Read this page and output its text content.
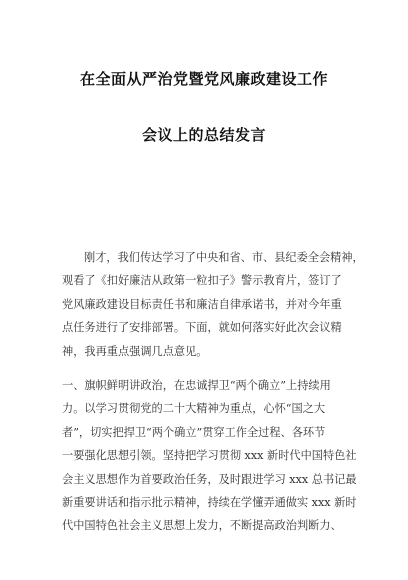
在全面从严治党暨党风廉政建设工作
会议上的总结发言
刚才，我们传达学习了中央和省、市、县纪委全会精神，
观看了《扣好廉洁从政第一粒扣子》警示教育片，签订了
党风廉政建设目标责任书和廉洁自律承诺书，并对今年重
点任务进行了安排部署。下面，就如何落实好此次会议精
神，我再重点强调几点意见。
一、旗帜鲜明讲政治，在忠诚捍卫“两个确立”上持续用
力。以学习贯彻党的二十大精神为重点，心怀“国之大
者”，切实把捍卫“两个确立”贯穿工作全过程、各环节
一要强化思想引领。坚持把学习贯彻 xxx 新时代中国特色社
会主义思想作为首要政治任务，及时跟进学习 xxx 总书记最
新重要讲话和指示批示精神，持续在学懂弄通做实 xxx 新时
代中国特色社会主义思想上发力，不断提高政治判断力、
